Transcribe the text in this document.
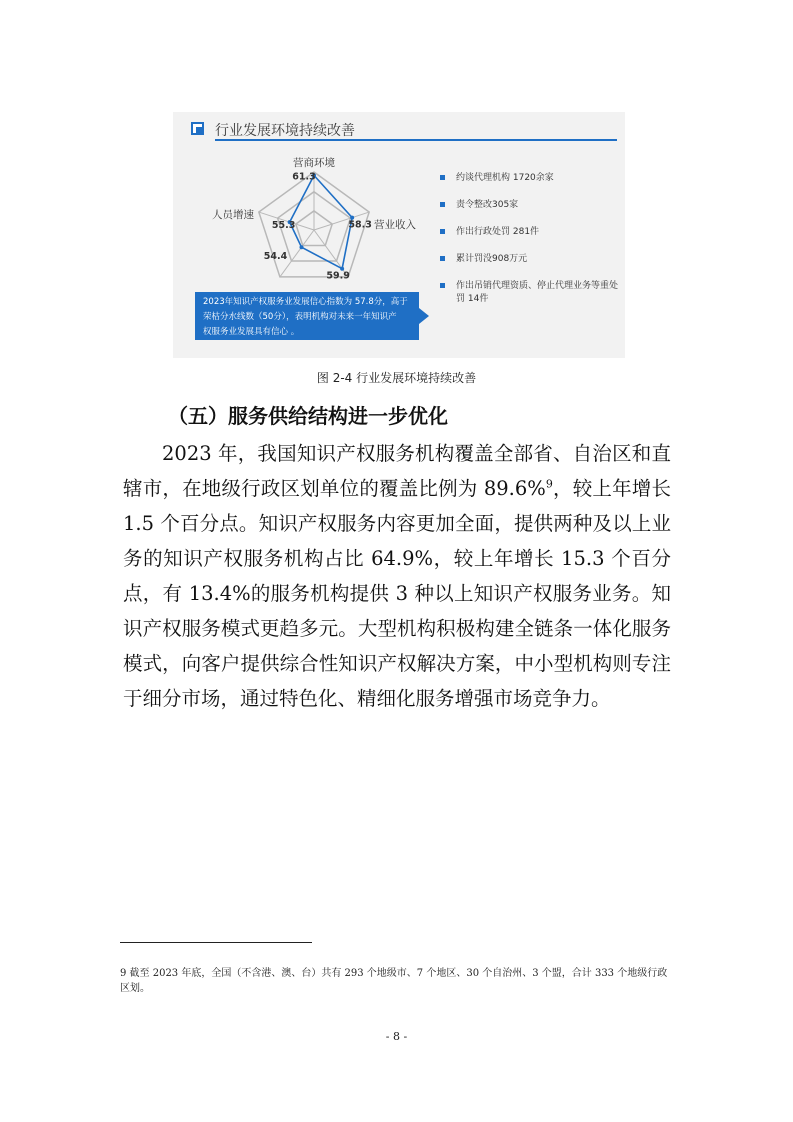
行业发展环境持续改善
营商环境
营业收入
人员增速
61.3
58.3
59.9
54.4
55.3
约谈代理机构 1720余家
责令整改305家
作出行政处罚 281件
累计罚没908万元
作出吊销代理资质、停止代理业务等重处罚 14件
2023年知识产权服务业发展信心指数为 57.8分，高于
荣枯分水线数（50分），表明机构对未来一年知识产
权服务业发展具有信心 。
图 2-4 行业发展环境持续改善
（五）服务供给结构进一步优化
2023 年，我国知识产权服务机构覆盖全部省、自治区和直辖市，在地级行政区划单位的覆盖比例为 89.6%$^9$，较上年增长 1.5 个百分点。知识产权服务内容更加全面，提供两种及以上业务的知识产权服务机构占比 64.9%，较上年增长 15.3 个百分点，有 13.4%的服务机构提供 3 种以上知识产权服务业务。知识产权服务模式更趋多元。大型机构积极构建全链条一体化服务模式，向客户提供综合性知识产权解决方案，中小型机构则专注于细分市场，通过特色化、精细化服务增强市场竞争力。
9 截至 2023 年底，全国（不含港、澳、台）共有 293 个地级市、7 个地区、30 个自治州、3 个盟，合计 333 个地级行政区划。
- 8 -
